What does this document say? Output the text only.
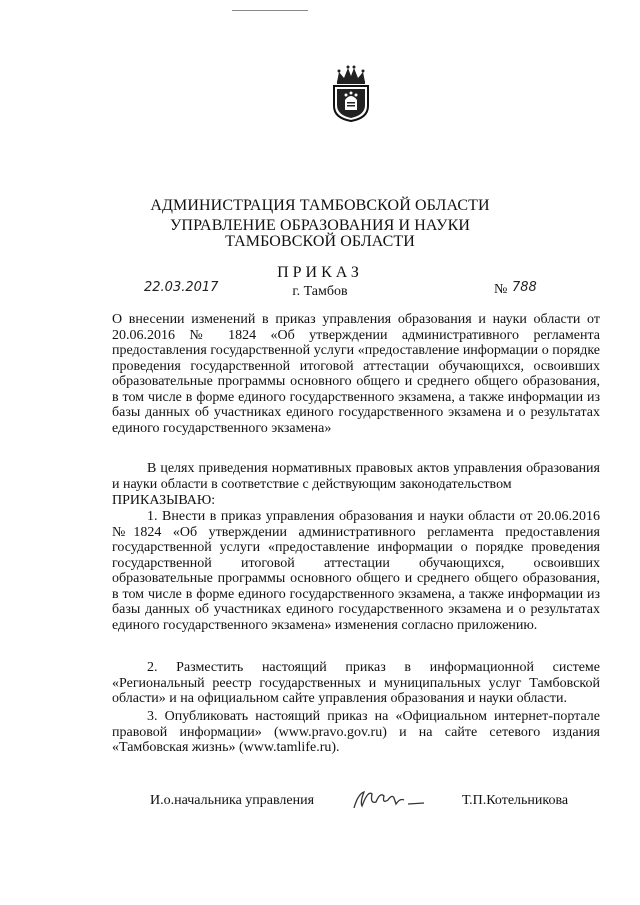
АДМИНИСТРАЦИЯ ТАМБОВСКОЙ ОБЛАСТИ
УПРАВЛЕНИЕ ОБРАЗОВАНИЯ И НАУКИ
ТАМБОВСКОЙ ОБЛАСТИ
ПРИКАЗ
22.03.2017	г. Тамбов	№ 788
О внесении изменений в приказ управления образования и науки области от 20.06.2016 № 1824 «Об утверждении административного регламента предоставления государственной услуги «предоставление информации о порядке проведения государственной итоговой аттестации обучающихся, освоивших образовательные программы основного общего и среднего общего образования, в том числе в форме единого государственного экзамена, а также информации из базы данных об участниках единого государственного экзамена и о результатах единого государственного экзамена»
В целях приведения нормативных правовых актов управления образования и науки области в соответствие с действующим законодательством
ПРИКАЗЫВАЮ:
1. Внести в приказ управления образования и науки области от 20.06.2016 №1824 «Об утверждении административного регламента предоставления государственной услуги «предоставление информации о порядке проведения государственной итоговой аттестации обучающихся, освоивших образовательные программы основного общего и среднего общего образования, в том числе в форме единого государственного экзамена, а также информации из базы данных об участниках единого государственного экзамена и о результатах единого государственного экзамена» изменения согласно приложению.
2. Разместить настоящий приказ в информационной системе «Региональный реестр государственных и муниципальных услуг Тамбовской области» и на официальном сайте управления образования и науки области.
3. Опубликовать настоящий приказ на «Официальном интернет-портале правовой информации» (www.pravo.gov.ru) и на сайте сетевого издания «Тамбовская жизнь» (www.tamlife.ru).
И.о.начальника управления	Т.П.Котельникова
